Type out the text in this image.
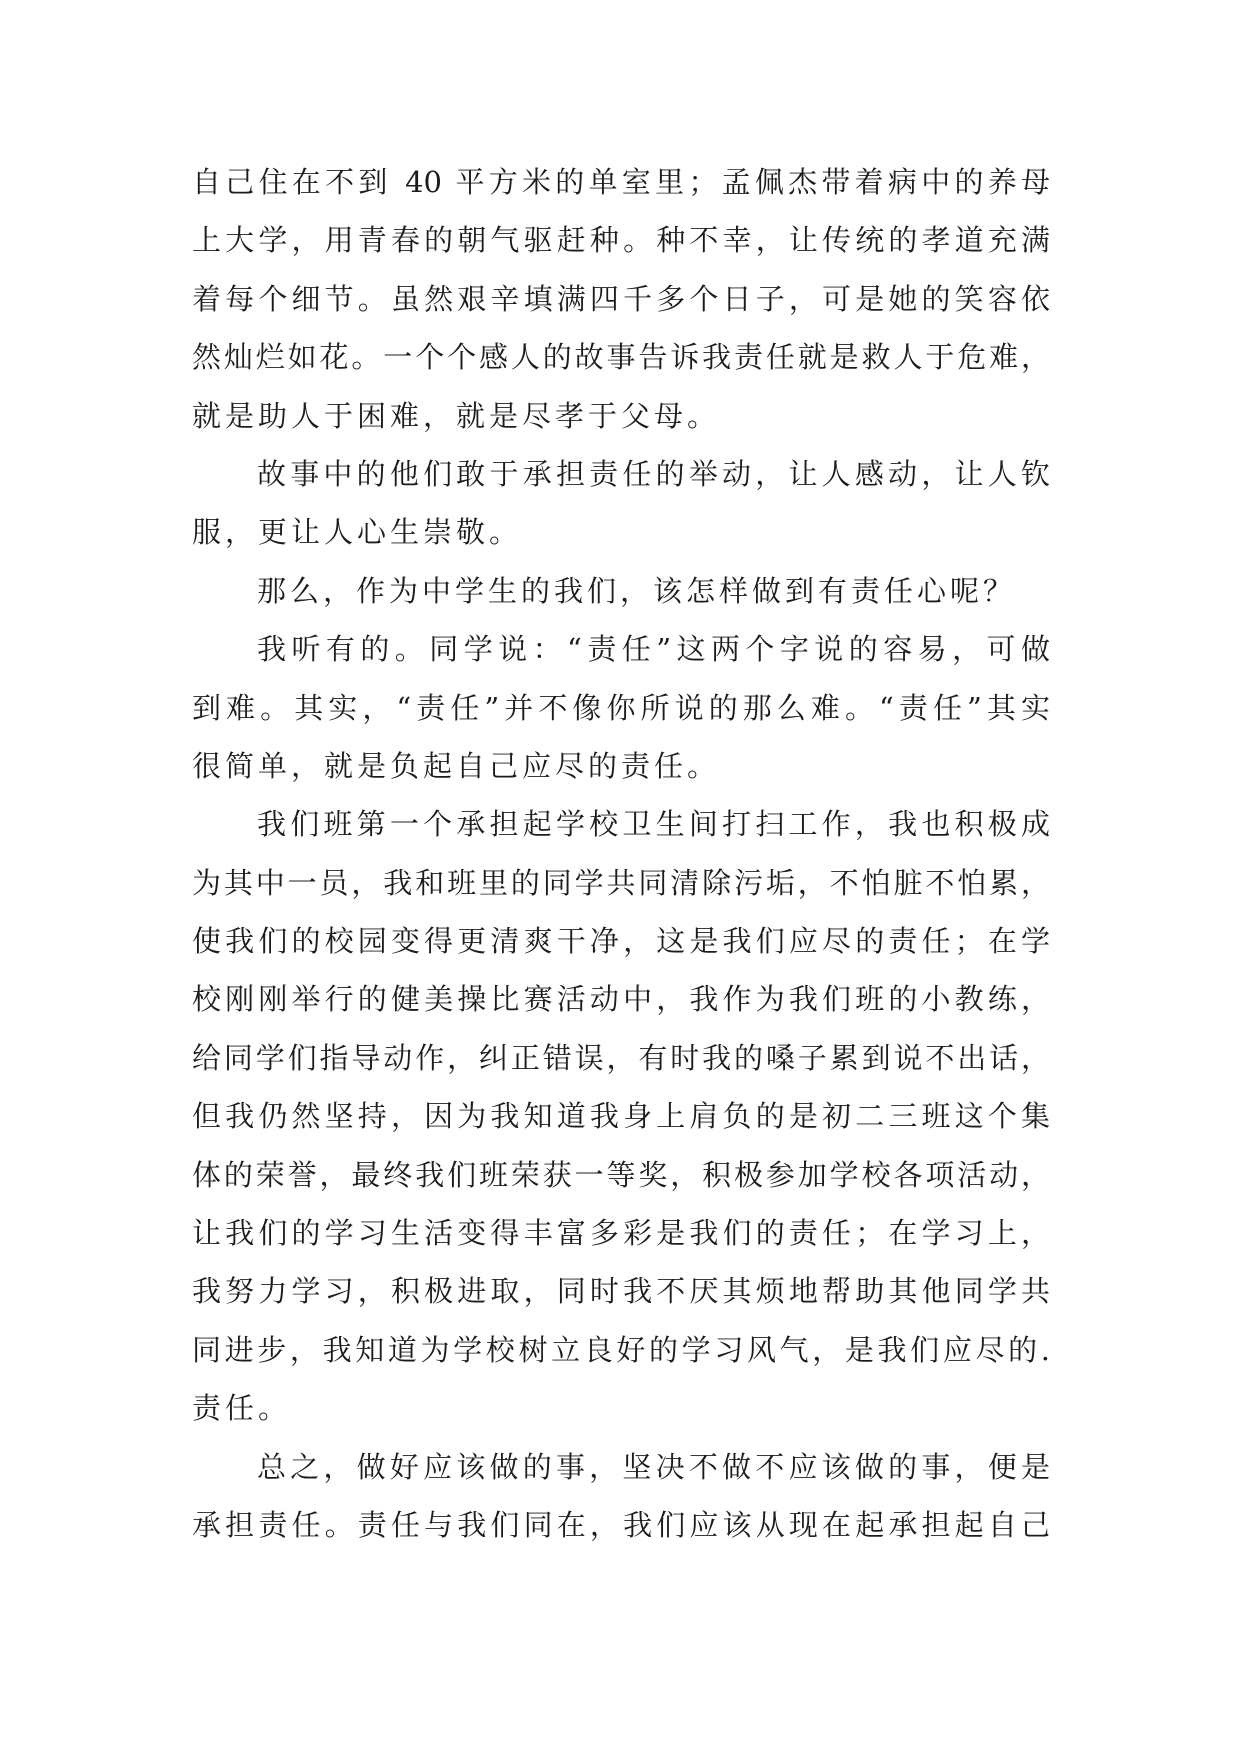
自己住在不到 40 平方米的单室里；孟佩杰带着病中的养母
上大学，用青春的朝气驱赶种。种不幸，让传统的孝道充满
着每个细节。虽然艰辛填满四千多个日子，可是她的笑容依
然灿烂如花。一个个感人的故事告诉我责任就是救人于危难，
就是助人于困难，就是尽孝于父母。
故事中的他们敢于承担责任的举动，让人感动，让人钦
服，更让人心生崇敬。
那么，作为中学生的我们，该怎样做到有责任心呢？
我听有的。同学说：“责任”这两个字说的容易，可做
到难。其实，“责任”并不像你所说的那么难。“责任”其实
很简单，就是负起自己应尽的责任。
我们班第一个承担起学校卫生间打扫工作，我也积极成
为其中一员，我和班里的同学共同清除污垢，不怕脏不怕累，
使我们的校园变得更清爽干净，这是我们应尽的责任；在学
校刚刚举行的健美操比赛活动中，我作为我们班的小教练，
给同学们指导动作，纠正错误，有时我的嗓子累到说不出话，
但我仍然坚持，因为我知道我身上肩负的是初二三班这个集
体的荣誉，最终我们班荣获一等奖，积极参加学校各项活动，
让我们的学习生活变得丰富多彩是我们的责任；在学习上，
我努力学习，积极进取，同时我不厌其烦地帮助其他同学共
同进步，我知道为学校树立良好的学习风气，是我们应尽的.
责任。
总之，做好应该做的事，坚决不做不应该做的事，便是
承担责任。责任与我们同在，我们应该从现在起承担起自己
